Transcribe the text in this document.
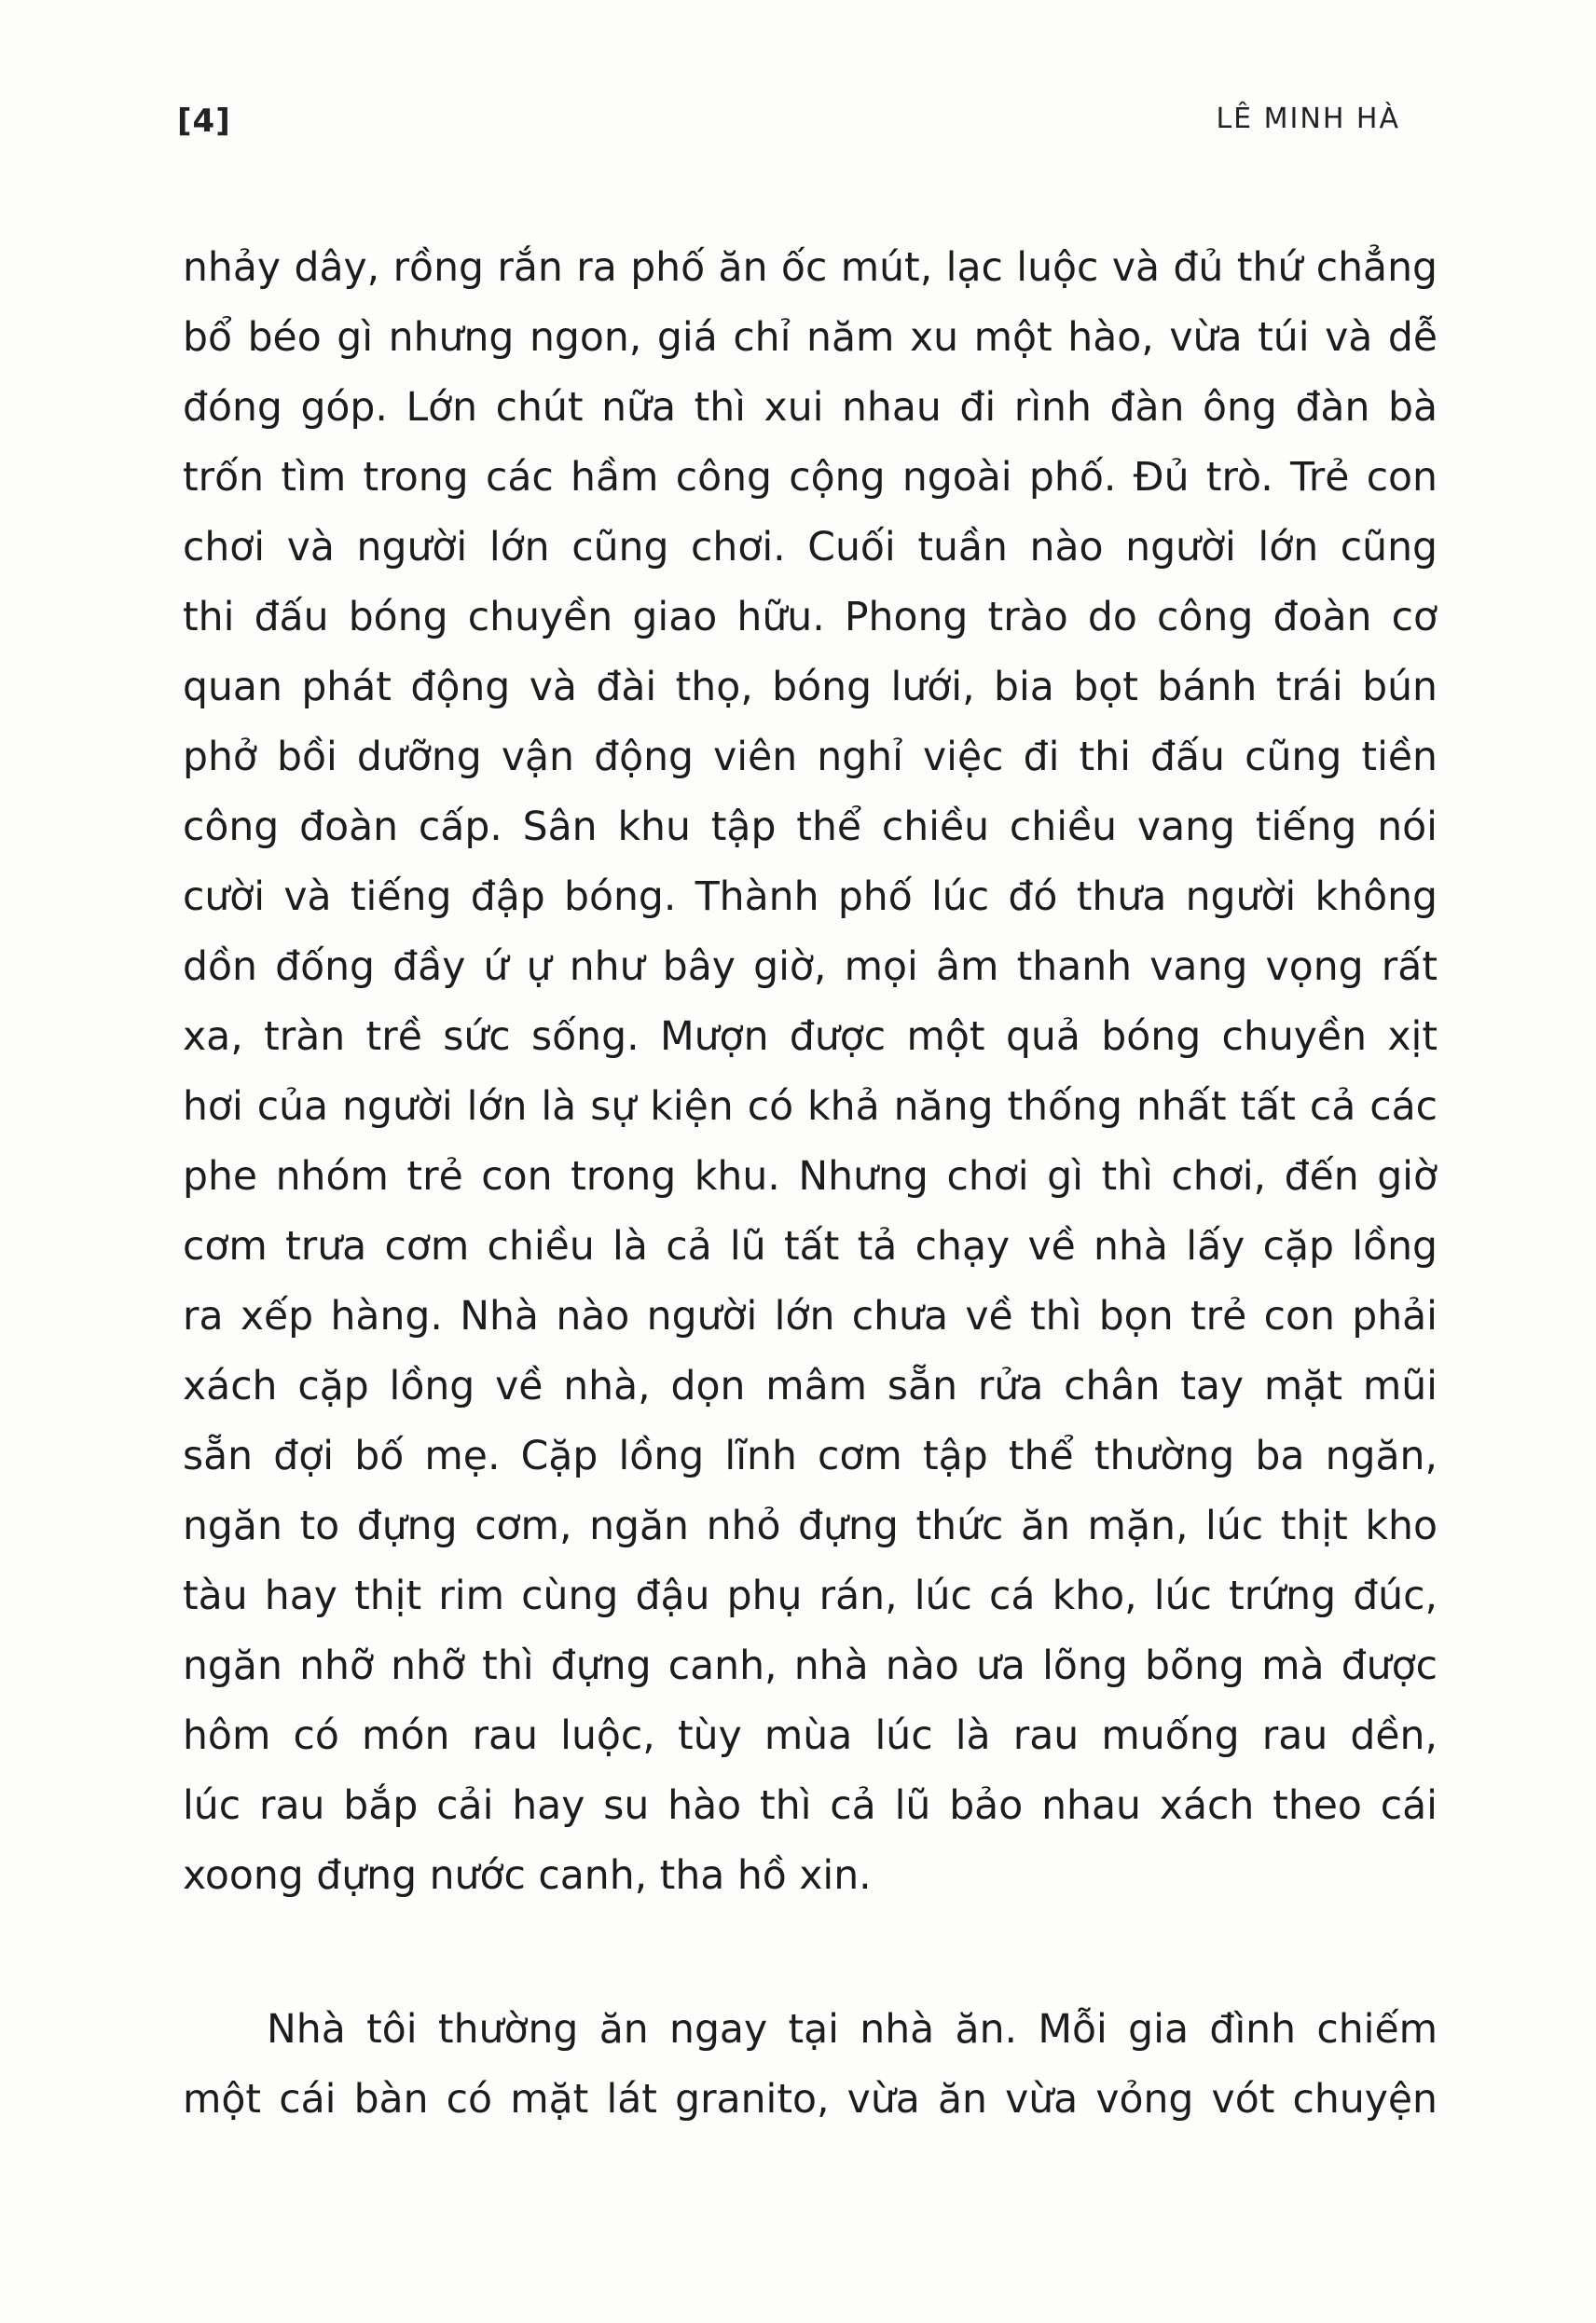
[4]	LÊ MINH HÀ
nhảy dây, rồng rắn ra phố ăn ốc mút, lạc luộc và đủ thứ chẳng
bổ béo gì nhưng ngon, giá chỉ năm xu một hào, vừa túi và dễ
đóng góp. Lớn chút nữa thì xui nhau đi rình đàn ông đàn bà
trốn tìm trong các hầm công cộng ngoài phố. Đủ trò. Trẻ con
chơi và người lớn cũng chơi. Cuối tuần nào người lớn cũng
thi đấu bóng chuyền giao hữu. Phong trào do công đoàn cơ
quan phát động và đài thọ, bóng lưới, bia bọt bánh trái bún
phở bồi dưỡng vận động viên nghỉ việc đi thi đấu cũng tiền
công đoàn cấp. Sân khu tập thể chiều chiều vang tiếng nói
cười và tiếng đập bóng. Thành phố lúc đó thưa người không
dồn đống đầy ứ ự như bây giờ, mọi âm thanh vang vọng rất
xa, tràn trề sức sống. Mượn được một quả bóng chuyền xịt
hơi của người lớn là sự kiện có khả năng thống nhất tất cả các
phe nhóm trẻ con trong khu. Nhưng chơi gì thì chơi, đến giờ
cơm trưa cơm chiều là cả lũ tất tả chạy về nhà lấy cặp lồng
ra xếp hàng. Nhà nào người lớn chưa về thì bọn trẻ con phải
xách cặp lồng về nhà, dọn mâm sẵn rửa chân tay mặt mũi
sẵn đợi bố mẹ. Cặp lồng lĩnh cơm tập thể thường ba ngăn,
ngăn to đựng cơm, ngăn nhỏ đựng thức ăn mặn, lúc thịt kho
tàu hay thịt rim cùng đậu phụ rán, lúc cá kho, lúc trứng đúc,
ngăn nhỡ nhỡ thì đựng canh, nhà nào ưa lõng bõng mà được
hôm có món rau luộc, tùy mùa lúc là rau muống rau dền,
lúc rau bắp cải hay su hào thì cả lũ bảo nhau xách theo cái
xoong đựng nước canh, tha hồ xin.
Nhà tôi thường ăn ngay tại nhà ăn. Mỗi gia đình chiếm
một cái bàn có mặt lát granito, vừa ăn vừa vỏng vót chuyện
